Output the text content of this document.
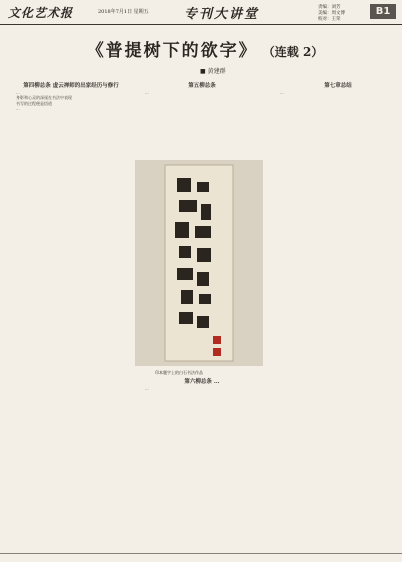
文化艺术报	2018年7月1日 星期五	专刊大讲堂	责编：刘芳
美编：周文博
校对：王荣
B1
《普提树下的欲字》 （连载 2）
■ 黄建群

第四柳总条 虚云禅师的出家经历与修行

...

身影和心灵的深邃在书法中表现

书写的过程便是悟道

...

第五柳总条

...

印本题字上的白石书法作品

第六柳总条 ...

...

第七章总结

...
